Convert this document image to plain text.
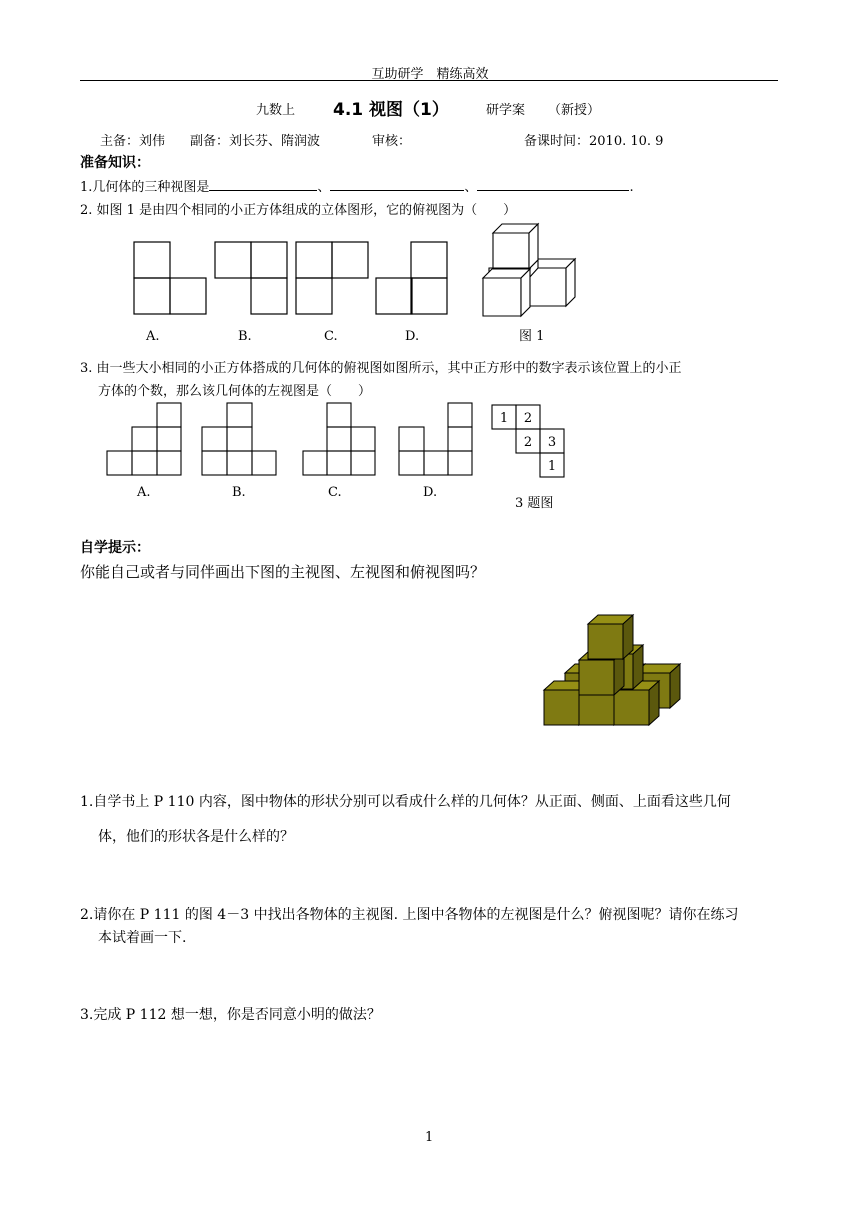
互助研学　精练高效
九数上 4.1 视图（1）	研学案 （新授）
主备：刘伟 副备：刘长芬、隋润波	审核：	备课时间：2010. 10. 9
准备知识：
1.几何体的三种视图是	、	、	.
2. 如图 1 是由四个相同的小正方体组成的立体图形，它的俯视图为（　　）
A.	B.	C.	D.	图 1
3. 由一些大小相同的小正方体搭成的几何体的俯视图如图所示，其中正方形中的数字表示该位置上的小正
方体的个数，那么该几何体的左视图是（　　）
1 2
2 3
1
A.	B.	C.	D.
3 题图
自学提示：
你能自己或者与同伴画出下图的主视图、左视图和俯视图吗？
1.自学书上 P 110 内容，图中物体的形状分别可以看成什么样的几何体？从正面、侧面、上面看这些几何
体，他们的形状各是什么样的？
2.请你在 P 111 的图 4－3 中找出各物体的主视图. 上图中各物体的左视图是什么？俯视图呢？请你在练习
本试着画一下.
3.完成 P 112 想一想，你是否同意小明的做法？
1
